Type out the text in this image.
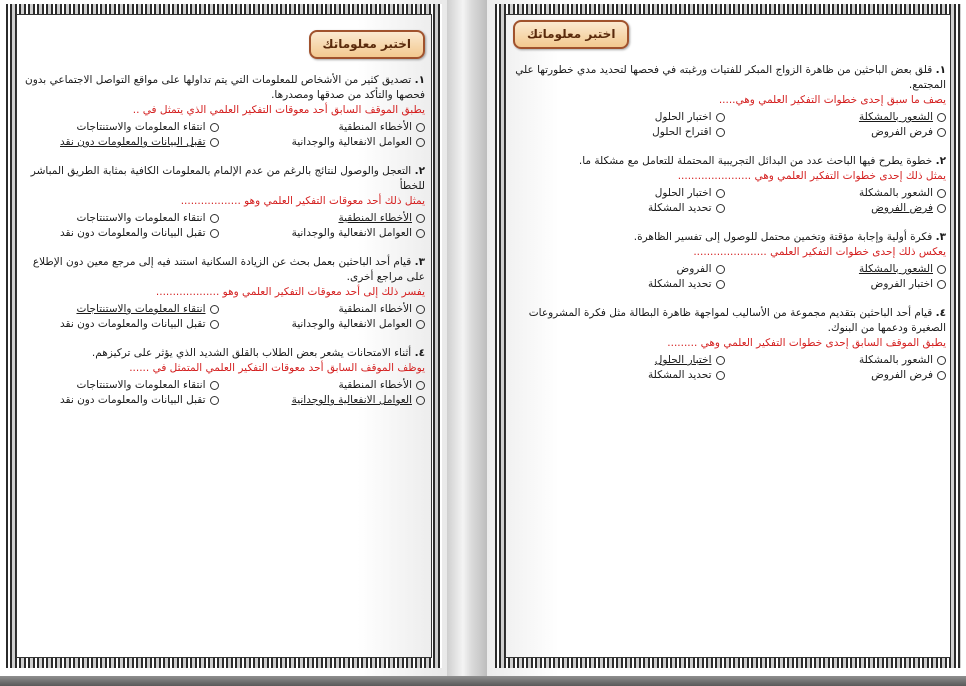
اختبر معلوماتك
١. تصديق كثير من الأشخاص للمعلومات التي يتم تداولها على مواقع التواصل الاجتماعي بدون فحصها والتأكد من صدقها ومصدرها.
يطبق الموقف السابق أحد معوقات التفكير العلمي الذي يتمثل في ..
الأخطاء المنطقية
انتقاء المعلومات والاستنتاجات
العوامل الانفعالية والوجدانية
تقبل البيانات والمعلومات دون نقد
٢. التعجل والوصول لنتائج بالرغم من عدم الإلمام بالمعلومات الكافية بمثابة الطريق المباشر للخطأ
يمثل ذلك أحد معوقات التفكير العلمي وهو ..................
الأخطاء المنطقية
انتقاء المعلومات والاستنتاجات
العوامل الانفعالية والوجدانية
تقبل البيانات والمعلومات دون نقد
٣. قيام أحد الباحثين بعمل بحث عن الزيادة السكانية استند فيه إلى مرجع معين دون الإطلاع على مراجع أخرى.
يفسر ذلك إلى أحد معوقات التفكير العلمي وهو ...................
الأخطاء المنطقية
انتقاء المعلومات والاستنتاجات
العوامل الانفعالية والوجدانية
تقبل البيانات والمعلومات دون نقد
٤. أثناء الامتحانات يشعر بعض الطلاب بالقلق الشديد الذي يؤثر على تركيزهم.
يوظف الموقف السابق أحد معوقات التفكير العلمي المتمثل في ......
الأخطاء المنطقية
انتقاء المعلومات والاستنتاجات
العوامل الانفعالية والوجدانية
تقبل البيانات والمعلومات دون نقد
اختبر معلوماتك
١. قلق بعض الباحثين من ظاهرة الزواج المبكر للفتيات ورغبته في فحصها لتحديد مدي خطورتها علي المجتمع.
يصف ما سبق إحدى خطوات التفكير العلمي وهي.....
الشعور بالمشكلة
اختبار الحلول
فرض الفروض
اقتراح الحلول
٢. خطوة يطرح فيها الباحث عدد من البدائل التجريبية المحتملة للتعامل مع مشكلة ما.
يمثل ذلك إحدى خطوات التفكير العلمي وهي ......................
الشعور بالمشكلة
اختبار الحلول
فرض الفروض
تحديد المشكلة
٣. فكرة أولية وإجابة مؤقتة وتخمين محتمل للوصول إلى تفسير الظاهرة.
يعكس ذلك إحدى خطوات التفكير العلمي ......................
الشعور بالمشكلة
الفروض
اختبار الفروض
تحديد المشكلة
٤. قيام أحد الباحثين بتقديم مجموعة من الأساليب لمواجهة ظاهرة البطالة مثل فكرة المشروعات الصغيرة ودعمها من البنوك.
يطبق الموقف السابق إحدى خطوات التفكير العلمي وهي .........
الشعور بالمشكلة
اختبار الحلول
فرض الفروض
تحديد المشكلة
